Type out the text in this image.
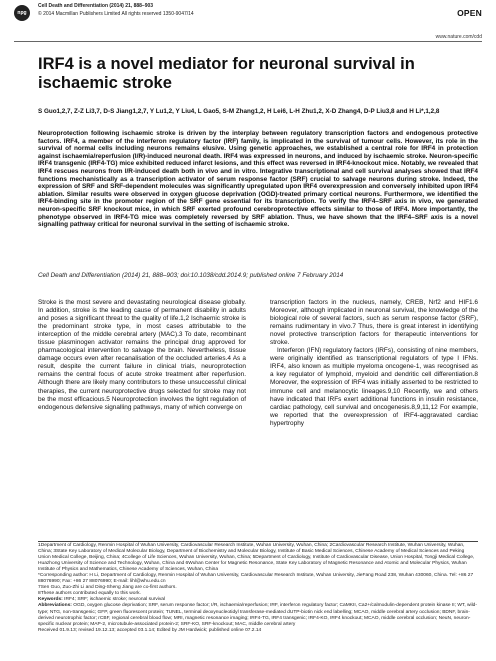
npg
Cell Death and Differentiation (2014) 21, 888–903
© 2014 Macmillan Publishers Limited All rights reserved 1350-9047/14	OPEN
www.nature.com/cdd
IRF4 is a novel mediator for neuronal survival in ischaemic stroke

S Guo1,2,7, Z-Z Li3,7, D-S Jiang1,2,7, Y Lu1,2, Y Liu4, L Gao5, S-M Zhang1,2, H Lei6, L-H Zhu1,2, X-D Zhang4, D-P Liu3,8 and H Li*,1,2,8

Neuroprotection following ischaemic stroke is driven by the interplay between regulatory transcription factors and endogenous protective factors. IRF4, a member of the interferon regulatory factor (IRF) family, is implicated in the survival of tumour cells. However, its role in the survival of normal cells including neurons remains elusive. Using genetic approaches, we established a central role for IRF4 in protection against ischaemia/reperfusion (I/R)-induced neuronal death. IRF4 was expressed in neurons, and induced by ischaemic stroke. Neuron-specific IRF4 transgenic (IRF4-TG) mice exhibited reduced infarct lesions, and this effect was reversed in IRF4-knockout mice. Notably, we revealed that IRF4 rescues neurons from I/R-induced death both in vivo and in vitro. Integrative transcriptional and cell survival analyses showed that IRF4 functions mechanistically as a transcription activator of serum response factor (SRF) crucial to salvage neurons during stroke. Indeed, the expression of SRF and SRF-dependent molecules was significantly upregulated upon IRF4 overexpression and conversely inhibited upon IRF4 ablation. Similar results were observed in oxygen glucose deprivation (OGD)-treated primary cortical neurons. Furthermore, we identified the IRF4-binding site in the promoter region of the SRF gene essential for its transcription. To verify the IRF4–SRF axis in vivo, we generated neuron-specific SRF knockout mice, in which SRF exerted profound cerebroprotective effects similar to those of IRF4. More importantly, the phenotype observed in IRF4-TG mice was completely reversed by SRF ablation. Thus, we have shown that the IRF4–SRF axis is a novel signalling pathway critical for neuronal survival in the setting of ischaemic stroke.

Cell Death and Differentiation (2014) 21, 888–903; doi:10.1038/cdd.2014.9; published online 7 February 2014

Stroke is the most severe and devastating neurological disease globally. In addition, stroke is the leading cause of permanent disability in adults and poses a significant threat to the quality of life.1,2 Ischaemic stroke is the predominant stroke type, in most cases attributable to the interception of the middle cerebral artery (MAC).3 To date, recombinant tissue plasminogen activator remains the principal drug approved for pharmacological intervention to salvage the brain. Nevertheless, tissue damage occurs even after recanalisation of the occluded arteries.4 As a result, despite the current failure in clinical trials, neuroprotection remains the central focus of acute stroke treatment after reperfusion. Although there are likely many contributors to these unsuccessful clinical therapies, the current neuroprotective drugs selected for stroke may not be the most efficacious.5 Neuroprotection involves the tight regulation of endogenous defensive signalling pathways, many of which converge on

transcription factors in the nucleus, namely, CREB, Nrf2 and HIF1.6 Moreover, although implicated in neuronal survival, the knowledge of the biological role of several factors, such as serum response factor (SRF), remains rudimentary in vivo.7 Thus, there is great interest in identifying novel protective transcription factors for therapeutic interventions for stroke.

Interferon (IFN) regulatory factors (IRFs), consisting of nine members, were originally identified as transcriptional regulators of type I IFNs. IRF4, also known as multiple myeloma oncogene-1, was recognised as a key regulator of lymphoid, myeloid and dendritic cell differentiation.8 Moreover, the expression of IRF4 was initially asserted to be restricted to immune cell and melanocytic lineages.9,10 Recently, we and others have indicated that IRFs exert additional functions in insulin resistance, cardiac pathology, cell survival and oncogenesis.8,9,11,12 For example, we reported that the overexpression of IRF4-aggravated cardiac hypertrophy

1Department of Cardiology, Renmin Hospital of Wuhan University, Cardiovascular Research Institute, Wuhan University, Wuhan, China; 2Cardiovascular Research Institute, Wuhan University, Wuhan, China; 3State Key Laboratory of Medical Molecular Biology, Department of Biochemistry and Molecular Biology, Institute of Basic Medical Sciences, Chinese Academy of Medical Sciences and Peking Union Medical College, Beijing, China; 4College of Life Sciences, Wuhan University, Wuhan, China; 5Department of Cardiology, Institute of Cardiovascular Disease, Union Hospital, Tongji Medical College, Huazhong University of Science and Technology, Wuhan, China and 6Wuhan Center for Magnetic Resonance, State Key Laboratory of Magnetic Resonance and Atomic and Molecular Physics, Wuhan Institute of Physics and Mathematics, Chinese Academy of Sciences, Wuhan, China

*Corresponding author: H Li, Department of Cardiology, Renmin Hospital of Wuhan University, Cardiovascular Research Institute, Wuhan University, JieFang Road 238, Wuhan 430060, China. Tel: +86 27 88076990; Fax: +86 27 88076990; E-mail: lihl@whu.edu.cn

7Sen Guo, Zuo-Zhi Li and Ding-Sheng Jiang are co-first authors.

8These authors contributed equally to this work.

Keywords: IRF4; SRF; ischaemic stroke; neuronal survival

Abbreviations: OGD, oxygen glucose deprivation; SRF, serum response factor; I/R, ischaemia/reperfusion; IRF, interferon regulatory factor; CaMKII, Ca2+/calmodulin-dependent protein kinase II; WT, wild-type; NTG, non-transgenic; GFP, green fluorescent protein; TUNEL, terminal deoxynucleotidyl transferase-mediated dUTP-biotin nick end labelling; MCAO, middle cerebral artery occlusion; BDNF, brain-derived neurotrophic factor; rCBF, regional cerebral blood flow; MRI, magnetic resonance imaging; IRF4-TG, IRF4 transgenic; IRF4-KO, IRF4 knockout; MCAO, middle cerebral occlusion; NeuN, neuron-specific nuclear protein; MAP-2, microtubule-associated protein-2; SRF-KO, SRF-knockout; MAC, middle cerebral artery

Received 01.9.13; revised 19.12.13; accepted 03.1.14; Edited by JM Hardwick; published online 07.2.14
